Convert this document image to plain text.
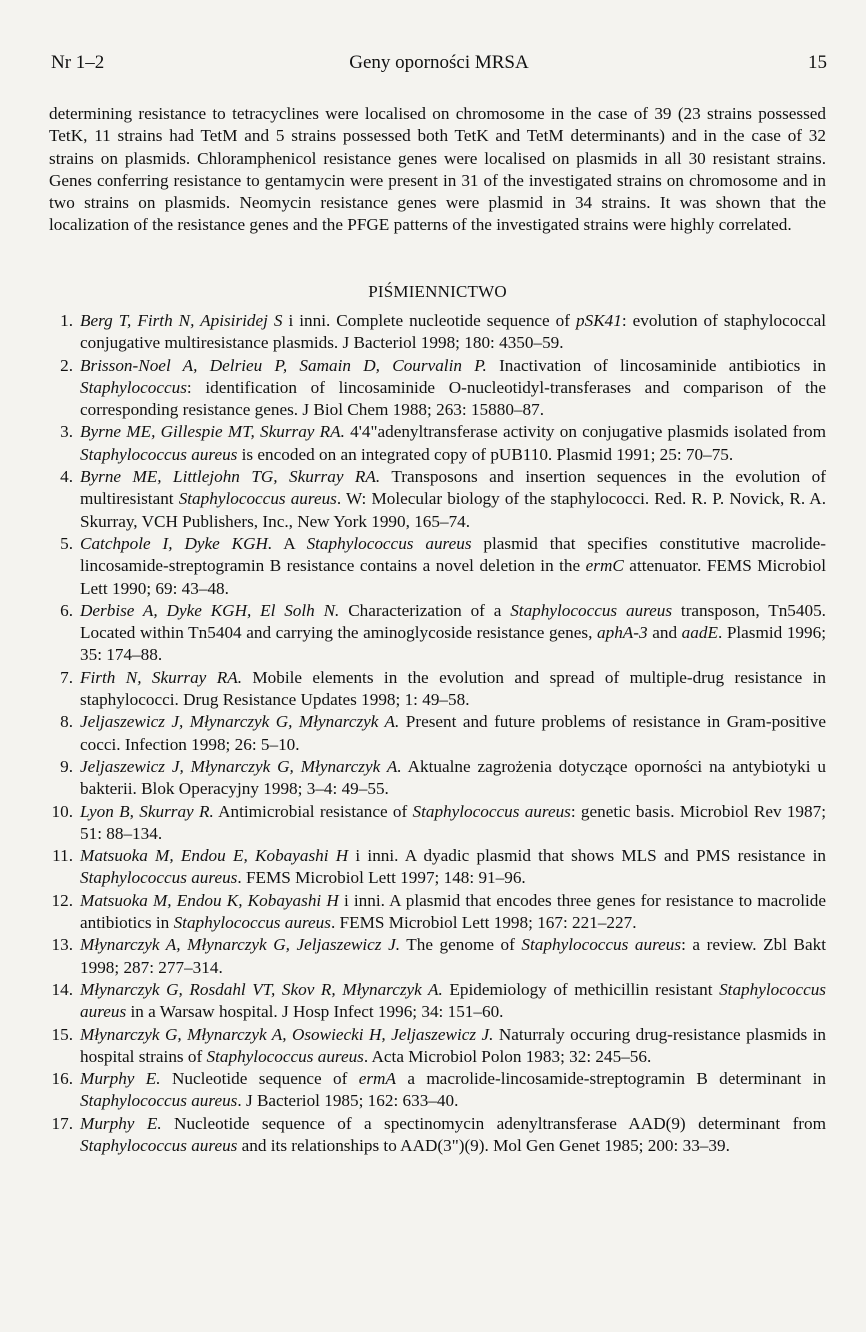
Nr 1–2	Geny oporności MRSA	15

determining resistance to tetracyclines were localised on chromosome in the case of 39 (23 strains possessed TetK, 11 strains had TetM and 5 strains possessed both TetK and TetM determinants) and in the case of 32 strains on plasmids. Chloramphenicol resistance genes were localised on plasmids in all 30 resistant strains. Genes conferring resistance to gentamycin were present in 31 of the investigated strains on chromosome and in two strains on plasmids. Neomycin resistance genes were plasmid in 34 strains. It was shown that the localization of the resistance genes and the PFGE patterns of the investigated strains were highly correlated.

PIŚMIENNICTWO
1. Berg T, Firth N, Apisiridej S i inni. Complete nucleotide sequence of pSK41: evolution of staphylococcal conjugative multiresistance plasmids. J Bacteriol 1998; 180: 4350–59.
2. Brisson-Noel A, Delrieu P, Samain D, Courvalin P. Inactivation of lincosaminide antibiotics in Staphylococcus: identification of lincosaminide O-nucleotidyl-transferases and comparison of the corresponding resistance genes. J Biol Chem 1988; 263: 15880–87.
3. Byrne ME, Gillespie MT, Skurray RA. 4'4"adenyltransferase activity on conjugative plasmids isolated from Staphylococcus aureus is encoded on an integrated copy of pUB110. Plasmid 1991; 25: 70–75.
4. Byrne ME, Littlejohn TG, Skurray RA. Transposons and insertion sequences in the evolution of multiresistant Staphylococcus aureus. W: Molecular biology of the staphylococci. Red. R. P. Novick, R. A. Skurray, VCH Publishers, Inc., New York 1990, 165–74.
5. Catchpole I, Dyke KGH. A Staphylococcus aureus plasmid that specifies constitutive macrolide-lincosamide-streptogramin B resistance contains a novel deletion in the ermC attenuator. FEMS Microbiol Lett 1990; 69: 43–48.
6. Derbise A, Dyke KGH, El Solh N. Characterization of a Staphylococcus aureus transposon, Tn5405. Located within Tn5404 and carrying the aminoglycoside resistance genes, aphA-3 and aadE. Plasmid 1996; 35: 174–88.
7. Firth N, Skurray RA. Mobile elements in the evolution and spread of multiple-drug resistance in staphylococci. Drug Resistance Updates 1998; 1: 49–58.
8. Jeljaszewicz J, Młynarczyk G, Młynarczyk A. Present and future problems of resistance in Gram-positive cocci. Infection 1998; 26: 5–10.
9. Jeljaszewicz J, Młynarczyk G, Młynarczyk A. Aktualne zagrożenia dotyczące oporności na antybiotyki u bakterii. Blok Operacyjny 1998; 3–4: 49–55.
10. Lyon B, Skurray R. Antimicrobial resistance of Staphylococcus aureus: genetic basis. Microbiol Rev 1987; 51: 88–134.
11. Matsuoka M, Endou E, Kobayashi H i inni. A dyadic plasmid that shows MLS and PMS resistance in Staphylococcus aureus. FEMS Microbiol Lett 1997; 148: 91–96.
12. Matsuoka M, Endou K, Kobayashi H i inni. A plasmid that encodes three genes for resistance to macrolide antibiotics in Staphylococcus aureus. FEMS Microbiol Lett 1998; 167: 221–227.
13. Młynarczyk A, Młynarczyk G, Jeljaszewicz J. The genome of Staphylococcus aureus: a review. Zbl Bakt 1998; 287: 277–314.
14. Młynarczyk G, Rosdahl VT, Skov R, Młynarczyk A. Epidemiology of methicillin resistant Staphylococcus aureus in a Warsaw hospital. J Hosp Infect 1996; 34: 151–60.
15. Młynarczyk G, Młynarczyk A, Osowiecki H, Jeljaszewicz J. Naturraly occuring drug-resistance plasmids in hospital strains of Staphylococcus aureus. Acta Microbiol Polon 1983; 32: 245–56.
16. Murphy E. Nucleotide sequence of ermA a macrolide-lincosamide-streptogramin B determinant in Staphylococcus aureus. J Bacteriol 1985; 162: 633–40.
17. Murphy E. Nucleotide sequence of a spectinomycin adenyltransferase AAD(9) determinant from Staphylococcus aureus and its relationships to AAD(3")(9). Mol Gen Genet 1985; 200: 33–39.
